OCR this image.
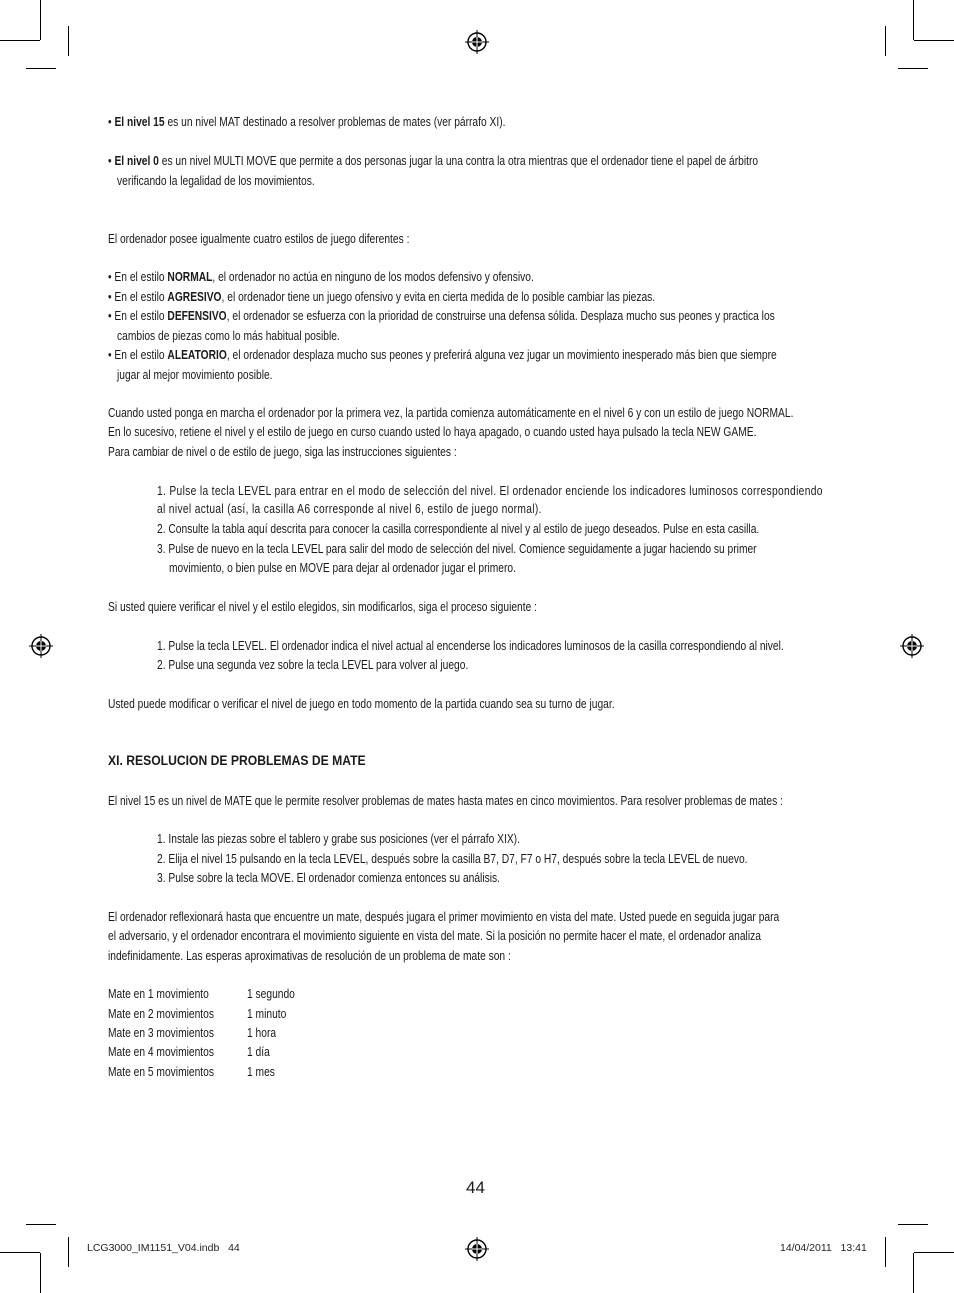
• El nivel 15 es un nivel MAT destinado a resolver problemas de mates (ver párrafo XI).
• El nivel 0 es un nivel MULTI MOVE que permite a dos personas jugar la una contra la otra mientras que el ordenador tiene el papel de árbitro
verificando la legalidad de los movimientos.
El ordenador posee igualmente cuatro estilos de juego diferentes :
• En el estilo NORMAL, el ordenador no actúa en ninguno de los modos defensivo y ofensivo.
• En el estilo AGRESIVO, el ordenador tiene un juego ofensivo y evita en cierta medida de lo posible cambiar las piezas.
• En el estilo DEFENSIVO, el ordenador se esfuerza con la prioridad de construirse una defensa sólida. Desplaza mucho sus peones y practica los
cambios de piezas como lo más habitual posible.
• En el estilo ALEATORIO, el ordenador desplaza mucho sus peones y preferirá alguna vez jugar un movimiento inesperado más bien que siempre
jugar al mejor movimiento posible.
Cuando usted ponga en marcha el ordenador por la primera vez, la partida comienza automáticamente en el nivel 6 y con un estilo de juego NORMAL.
En lo sucesivo, retiene el nivel y el estilo de juego en curso cuando usted lo haya apagado, o cuando usted haya pulsado la tecla NEW GAME.
Para cambiar de nivel o de estilo de juego, siga las instrucciones siguientes :
1. Pulse la tecla LEVEL para entrar en el modo de selección del nivel. El ordenador enciende los indicadores luminosos correspondiendo
al nivel actual (así, la casilla A6 corresponde al nivel 6, estilo de juego normal).
2. Consulte la tabla aquí descrita para conocer la casilla correspondiente al nivel y al estilo de juego deseados. Pulse en esta casilla.
3. Pulse de nuevo en la tecla LEVEL para salir del modo de selección del nivel. Comience seguidamente a jugar haciendo su primer
movimiento, o bien pulse en MOVE para dejar al ordenador jugar el primero.
Si usted quiere verificar el nivel y el estilo elegidos, sin modificarlos, siga el proceso siguiente :
1. Pulse la tecla LEVEL. El ordenador indica el nivel actual al encenderse los indicadores luminosos de la casilla correspondiendo al nivel.
2. Pulse una segunda vez sobre la tecla LEVEL para volver al juego.
Usted puede modificar o verificar el nivel de juego en todo momento de la partida cuando sea su turno de jugar.
XI. RESOLUCION DE PROBLEMAS DE MATE
El nivel 15 es un nivel de MATE que le permite resolver problemas de mates hasta mates en cinco movimientos. Para resolver problemas de mates :
1. Instale las piezas sobre el tablero y grabe sus posiciones (ver el párrafo XIX).
2. Elija el nivel 15 pulsando en la tecla LEVEL, después sobre la casilla B7, D7, F7 o H7, después sobre la tecla LEVEL de nuevo.
3. Pulse sobre la tecla MOVE. El ordenador comienza entonces su análisis.
El ordenador reflexionará hasta que encuentre un mate, después jugara el primer movimiento en vista del mate. Usted puede en seguida jugar para
el adversario, y el ordenador encontrara el movimiento siguiente en vista del mate. Si la posición no permite hacer el mate, el ordenador analiza
indefinidamente. Las esperas aproximativas de resolución de un problema de mate son :
Mate en 1 movimiento	1 segundo
Mate en 2 movimientos	1 minuto
Mate en 3 movimientos	1 hora
Mate en 4 movimientos	1 día
Mate en 5 movimientos	1 mes
44
LCG3000_IM1151_V04.indb   44	14/04/2011   13:41
